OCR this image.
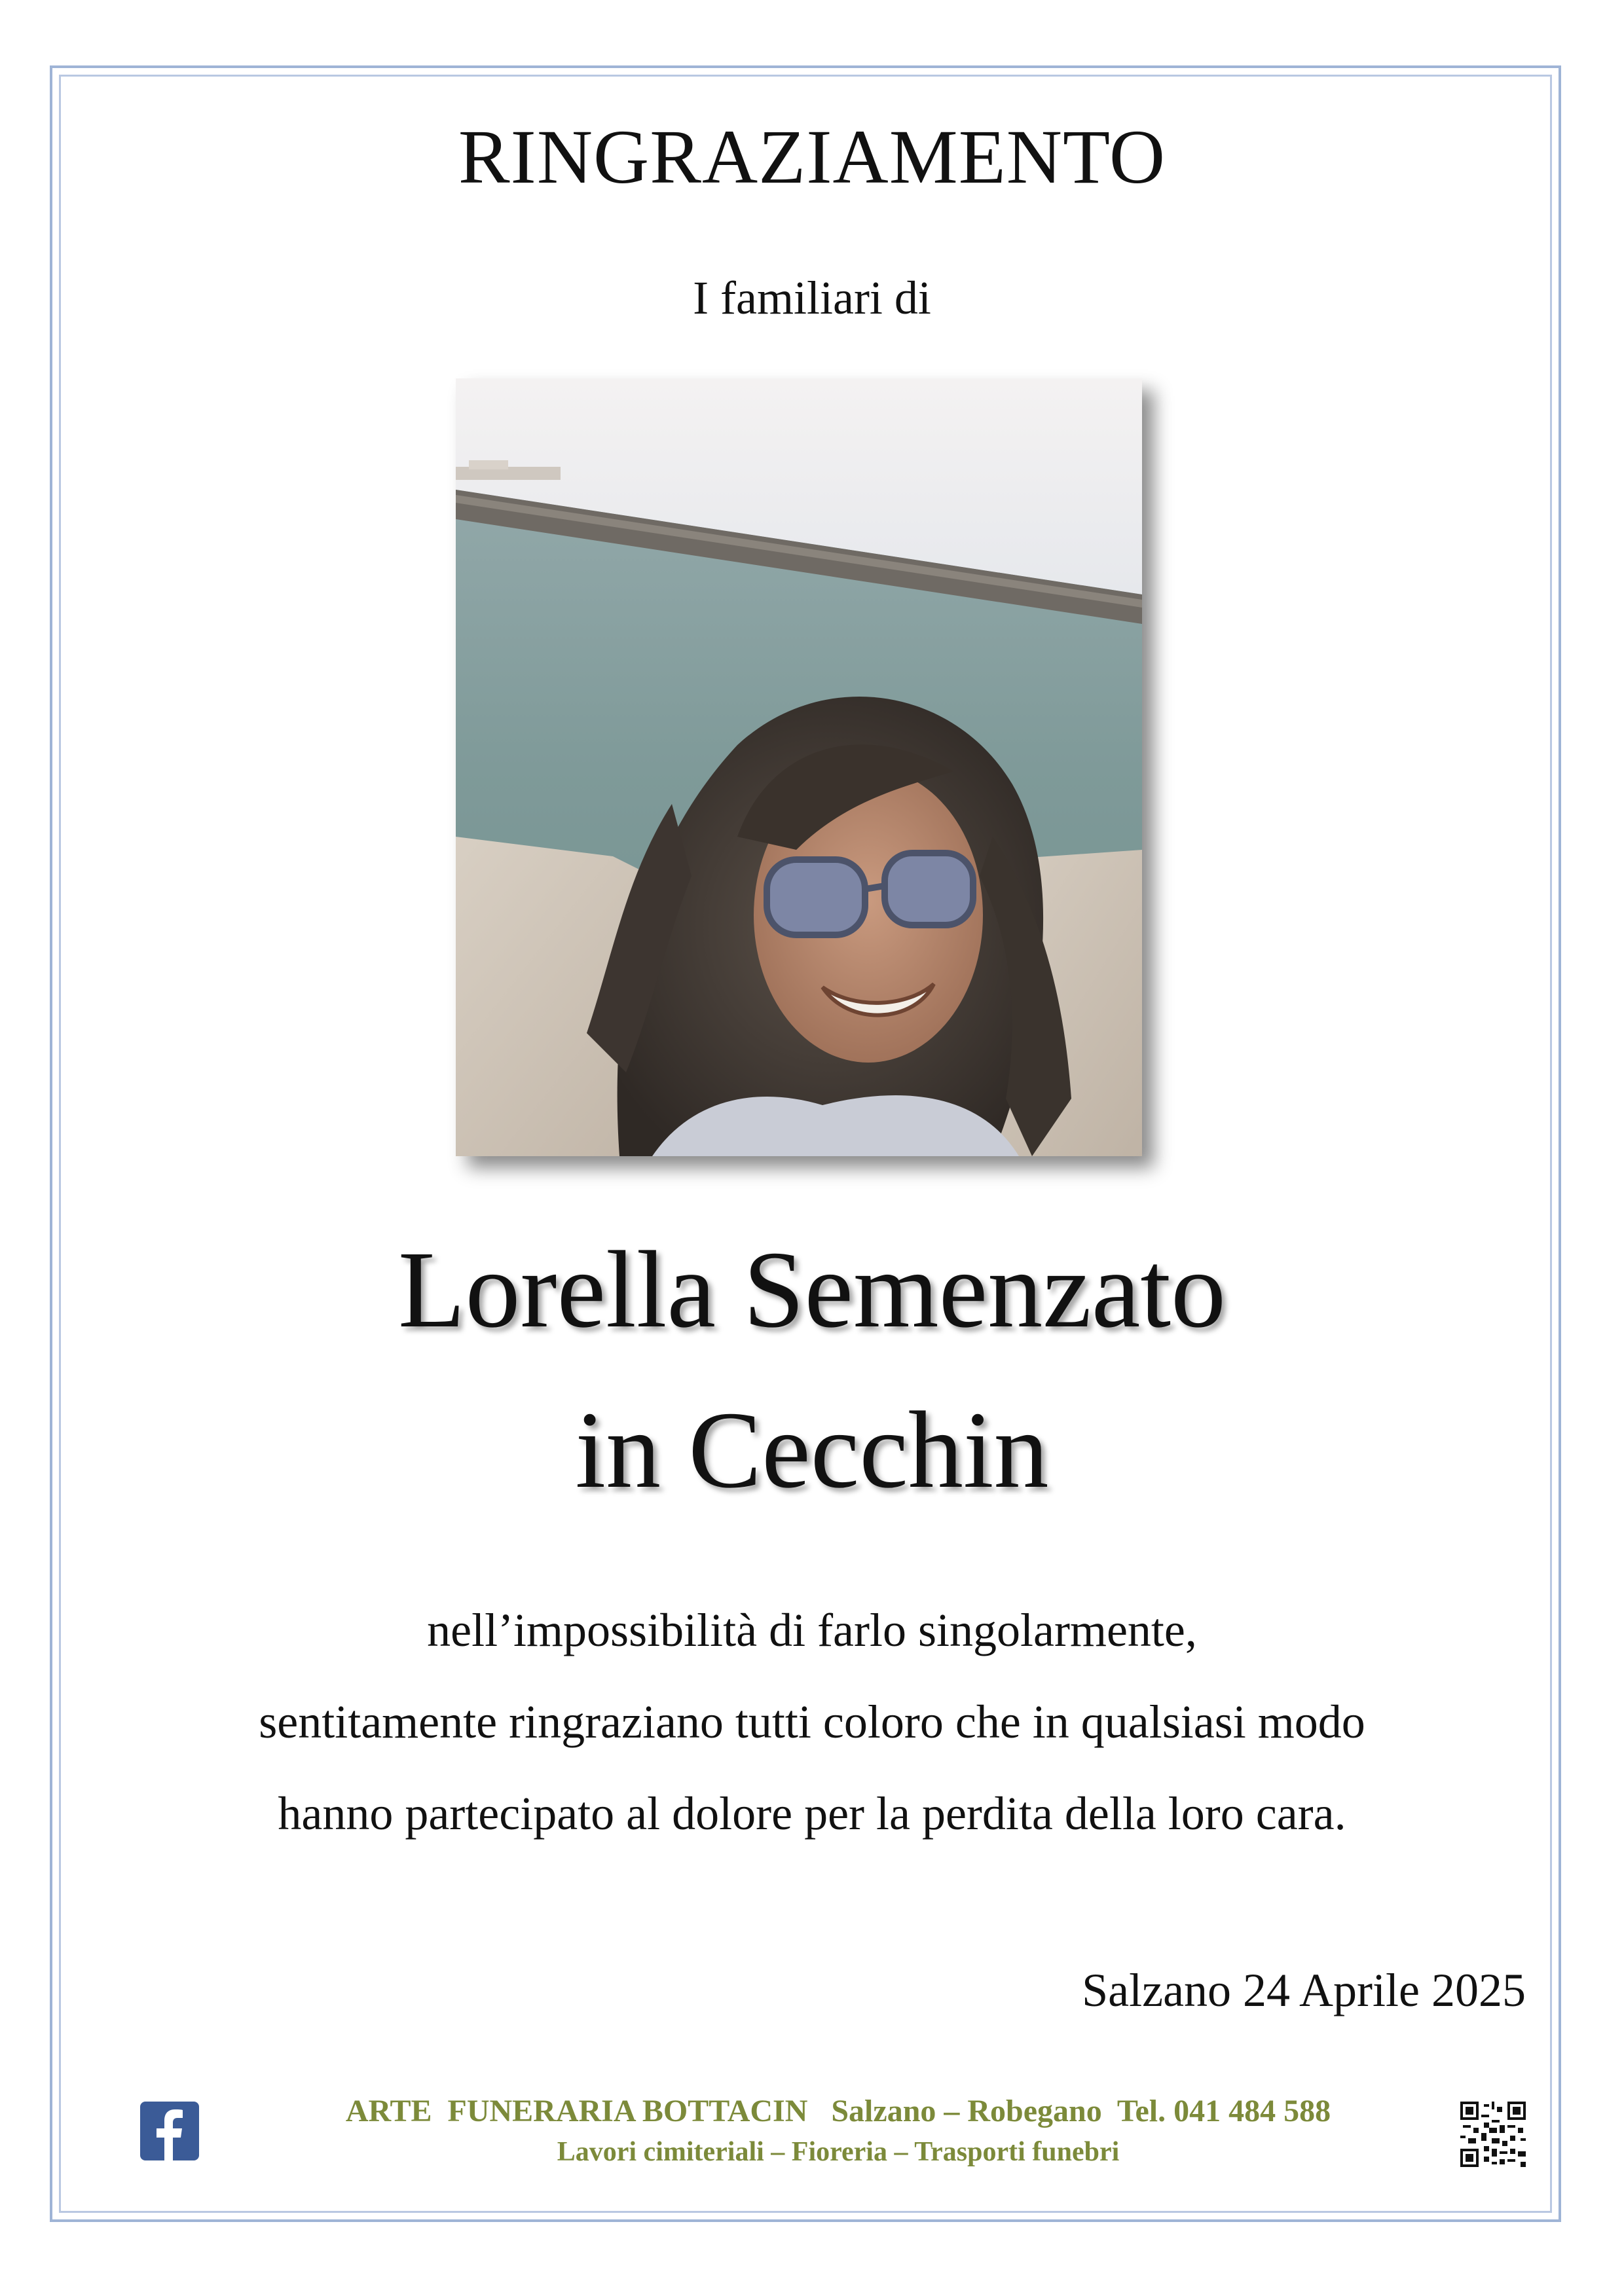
RINGRAZIAMENTO
I familiari di
Lorella Semenzato
in Cecchin
nell’impossibilità di farlo singolarmente,
sentitamente ringraziano tutti coloro che in qualsiasi modo
hanno partecipato al dolore per la perdita della loro cara.
Salzano 24 Aprile 2025
ARTE  FUNERARIA BOTTACIN   Salzano – Robegano  Tel. 041 484 588
Lavori cimiteriali – Fioreria – Trasporti funebri
